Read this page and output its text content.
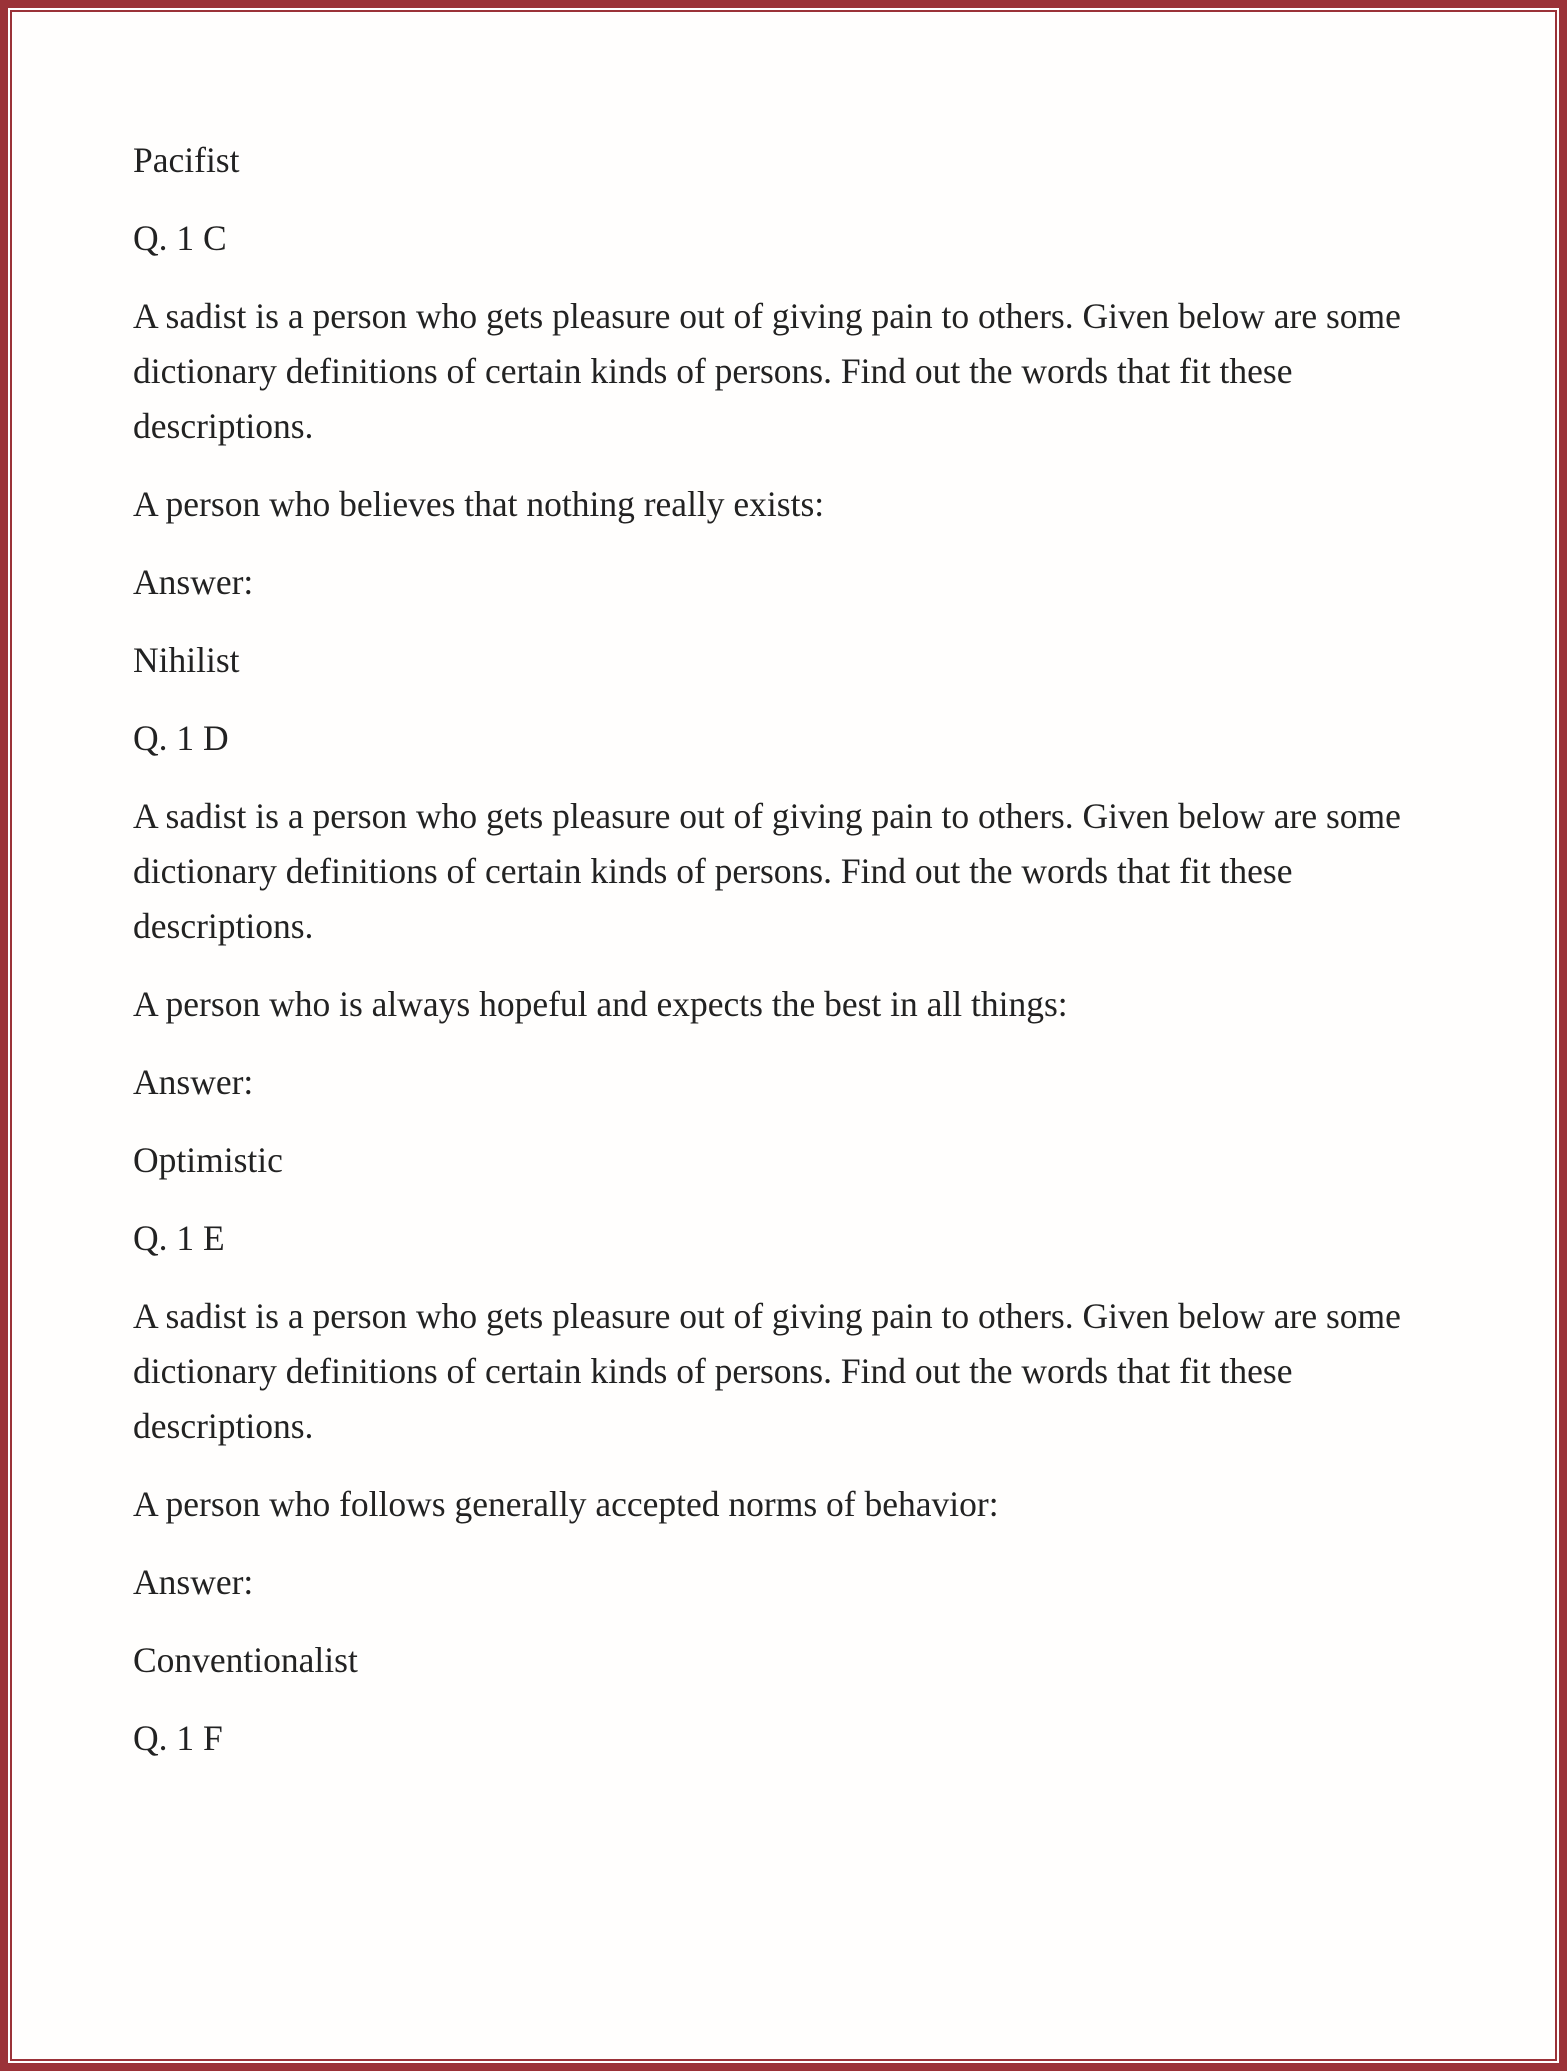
Pacifist

Q. 1 C

A sadist is a person who gets pleasure out of giving pain to others. Given below are some dictionary definitions of certain kinds of persons. Find out the words that fit these descriptions.

A person who believes that nothing really exists:

Answer:

Nihilist

Q. 1 D

A sadist is a person who gets pleasure out of giving pain to others. Given below are some dictionary definitions of certain kinds of persons. Find out the words that fit these descriptions.

A person who is always hopeful and expects the best in all things:

Answer:

Optimistic

Q. 1 E

A sadist is a person who gets pleasure out of giving pain to others. Given below are some dictionary definitions of certain kinds of persons. Find out the words that fit these descriptions.

A person who follows generally accepted norms of behavior:

Answer:

Conventionalist

Q. 1 F
